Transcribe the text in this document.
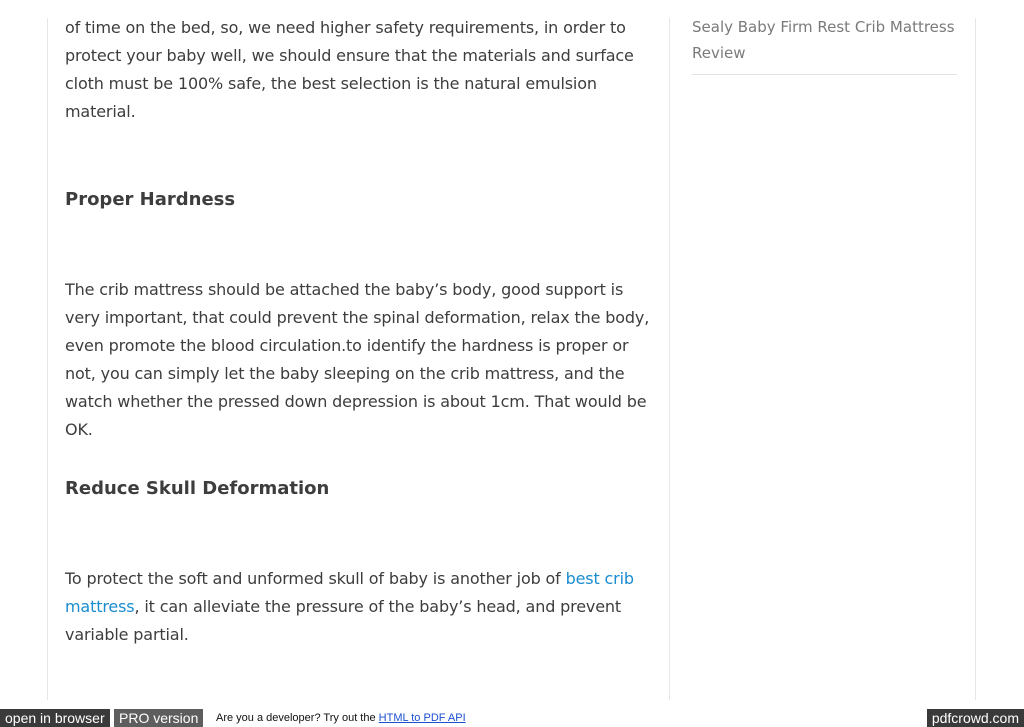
of time on the bed, so, we need higher safety requirements, in order to protect your baby well, we should ensure that the materials and surface cloth must be 100% safe, the best selection is the natural emulsion material.

Proper Hardness

The crib mattress should be attached the baby’s body, good support is very important, that could prevent the spinal deformation, relax the body, even promote the blood circulation.to identify the hardness is proper or not, you can simply let the baby sleeping on the crib mattress, and the watch whether the pressed down depression is about 1cm. That would be OK.

Reduce Skull Deformation

To protect the soft and unformed skull of baby is another job of best crib mattress, it can alleviate the pressure of the baby’s head, and prevent variable partial.

Sealy Baby Firm Rest Crib Mattress Review
open in browser	PRO version	Are you a developer? Try out the HTML to PDF API	pdfcrowd.com
